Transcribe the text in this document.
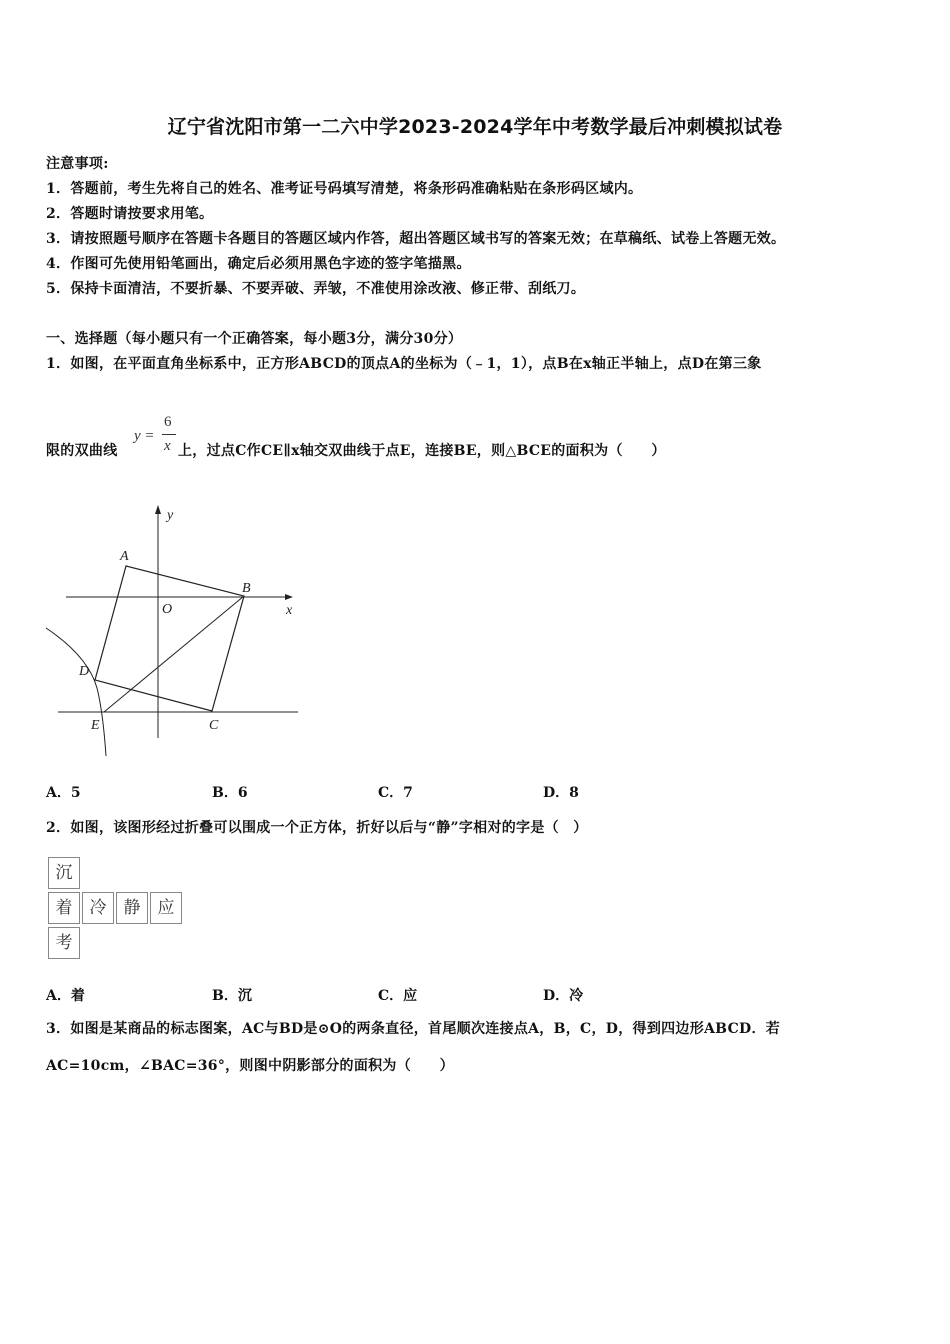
辽宁省沈阳市第一二六中学2023-2024学年中考数学最后冲刺模拟试卷
注意事项:
1．答题前，考生先将自己的姓名、准考证号码填写清楚，将条形码准确粘贴在条形码区域内。
2．答题时请按要求用笔。
3．请按照题号顺序在答题卡各题目的答题区域内作答，超出答题区域书写的答案无效；在草稿纸、试卷上答题无效。
4．作图可先使用铅笔画出，确定后必须用黑色字迹的签字笔描黑。
5．保持卡面清洁，不要折暴、不要弄破、弄皱，不准使用涂改液、修正带、刮纸刀。
一、选择题（每小题只有一个正确答案，每小题3分，满分30分）
1．如图，在平面直角坐标系中，正方形ABCD的顶点A的坐标为（﹣1，1），点B在x轴正半轴上，点D在第三象
限的双曲线
y =
6
x 上，过点C作CE∥x轴交双曲线于点E，连接BE，则△BCE的面积为（　　）
A
B
C
D
E
O	x
y
A．5	B．6	C．7	D．8
2．如图，该图形经过折叠可以围成一个正方体，折好以后与“静”字相对的字是（　）
沉
着	冷	静	应
考
A．着	B．沉	C．应	D．冷
3．如图是某商品的标志图案，AC与BD是⊙O的两条直径，首尾顺次连接点A，B，C，D，得到四边形ABCD．若
AC=10cm，∠BAC=36°，则图中阴影部分的面积为（　　）
